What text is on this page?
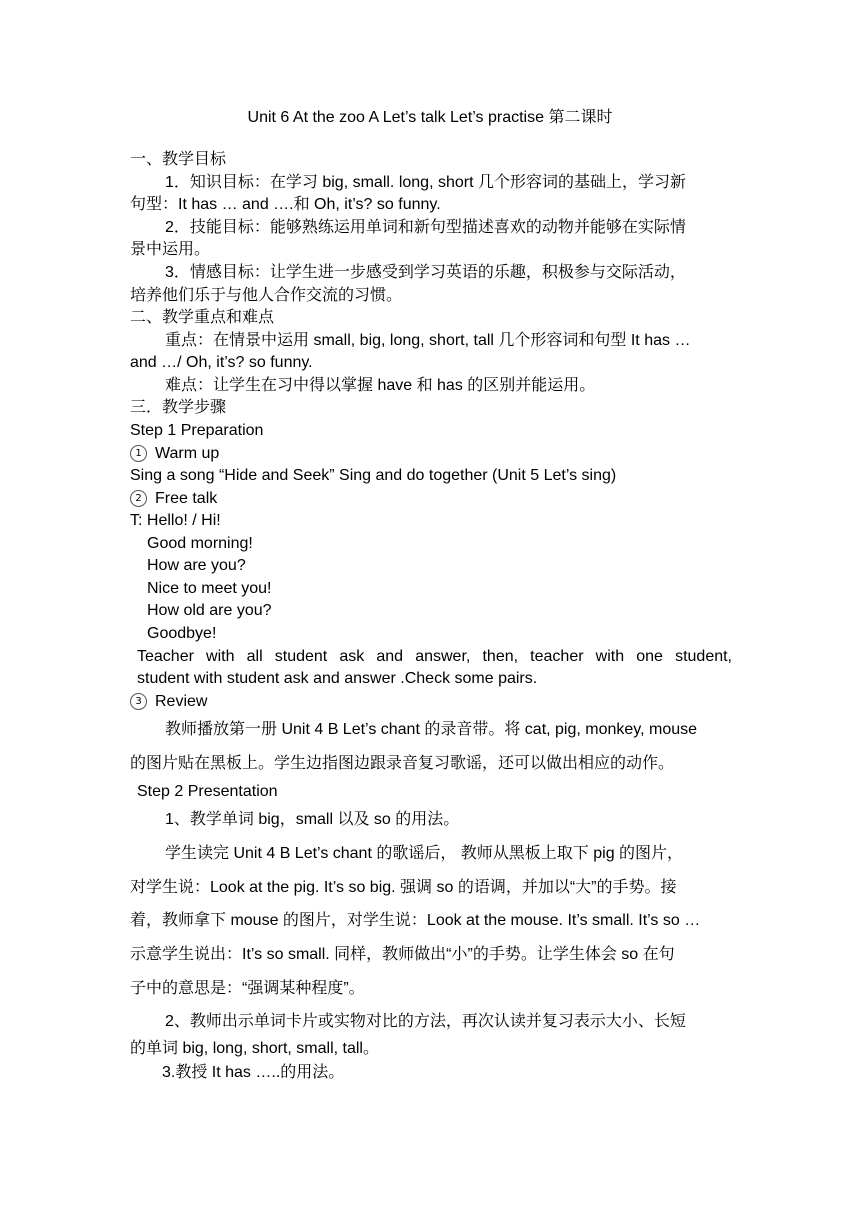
Unit 6 At the zoo A Let’s talk Let’s practise 第二课时
一、教学目标
1．知识目标：在学习 big, small. long, short 几个形容词的基础上，学习新
句型：It has … and ….和 Oh, it’s? so funny.
2．技能目标：能够熟练运用单词和新句型描述喜欢的动物并能够在实际情
景中运用。
3．情感目标：让学生进一步感受到学习英语的乐趣，积极参与交际活动，
培养他们乐于与他人合作交流的习惯。
二、教学重点和难点
重点：在情景中运用 small, big, long, short, tall 几个形容词和句型 It has …
and …/ Oh, it’s? so funny.
难点：让学生在习中得以掌握 have 和 has 的区别并能运用。
三．教学步骤
Step 1 Preparation
1 Warm up
Sing a song “Hide and Seek” Sing and do together (Unit 5 Let’s sing)
2 Free talk
T: Hello! / Hi!
Good morning!
How are you?
Nice to meet you!
How old are you?
Goodbye!
Teacher with all student ask and answer, then, teacher with one student,
student with student ask and answer .Check some pairs.
3 Review
教师播放第一册 Unit 4 B Let’s chant 的录音带。将 cat, pig, monkey, mouse
的图片贴在黑板上。学生边指图边跟录音复习歌谣，还可以做出相应的动作。
Step 2 Presentation
1、教学单词 big，small 以及 so 的用法。
学生读完 Unit 4 B Let’s chant 的歌谣后， 教师从黑板上取下 pig 的图片，
对学生说：Look at the pig. It’s so big. 强调 so 的语调，并加以“大”的手势。接
着，教师拿下 mouse 的图片，对学生说：Look at the mouse. It’s small. It’s so …
示意学生说出：It’s so small. 同样，教师做出“小”的手势。让学生体会 so 在句
子中的意思是：“强调某种程度”。
2、教师出示单词卡片或实物对比的方法，再次认读并复习表示大小、长短
的单词 big, long, short, small, tall。
3.教授 It has …..的用法。
